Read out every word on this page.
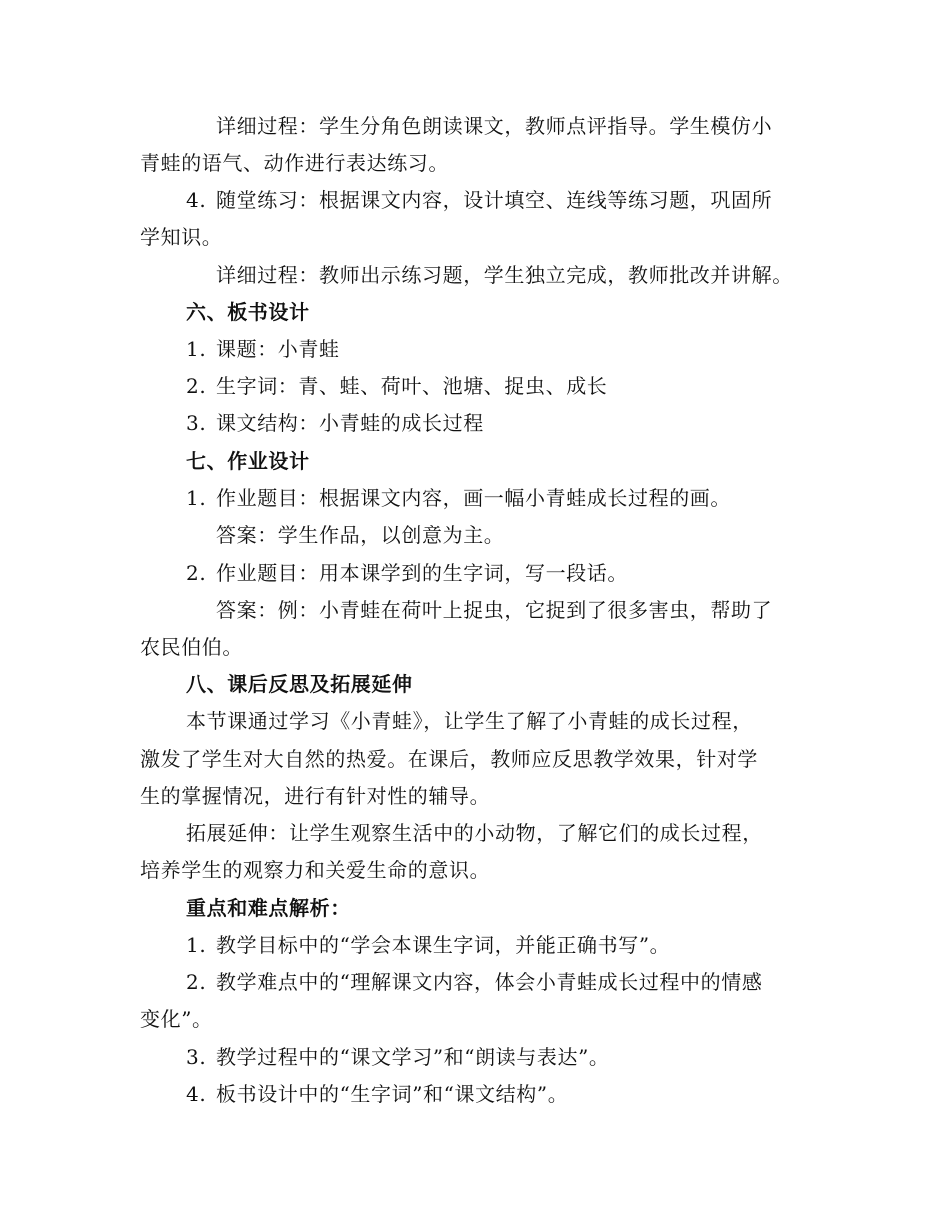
详细过程：学生分角色朗读课文，教师点评指导。学生模仿小
青蛙的语气、动作进行表达练习。
4. 随堂练习：根据课文内容，设计填空、连线等练习题，巩固所
学知识。
详细过程：教师出示练习题，学生独立完成，教师批改并讲解。
六、板书设计
1. 课题：小青蛙
2. 生字词：青、蛙、荷叶、池塘、捉虫、成长
3. 课文结构：小青蛙的成长过程
七、作业设计
1. 作业题目：根据课文内容，画一幅小青蛙成长过程的画。
答案：学生作品，以创意为主。
2. 作业题目：用本课学到的生字词，写一段话。
答案：例：小青蛙在荷叶上捉虫，它捉到了很多害虫，帮助了
农民伯伯。
八、课后反思及拓展延伸
本节课通过学习《小青蛙》，让学生了解了小青蛙的成长过程，
激发了学生对大自然的热爱。在课后，教师应反思教学效果，针对学
生的掌握情况，进行有针对性的辅导。
拓展延伸：让学生观察生活中的小动物，了解它们的成长过程，
培养学生的观察力和关爱生命的意识。
重点和难点解析：
1. 教学目标中的“学会本课生字词，并能正确书写”。
2. 教学难点中的“理解课文内容，体会小青蛙成长过程中的情感
变化”。
3. 教学过程中的“课文学习”和“朗读与表达”。
4. 板书设计中的“生字词”和“课文结构”。
